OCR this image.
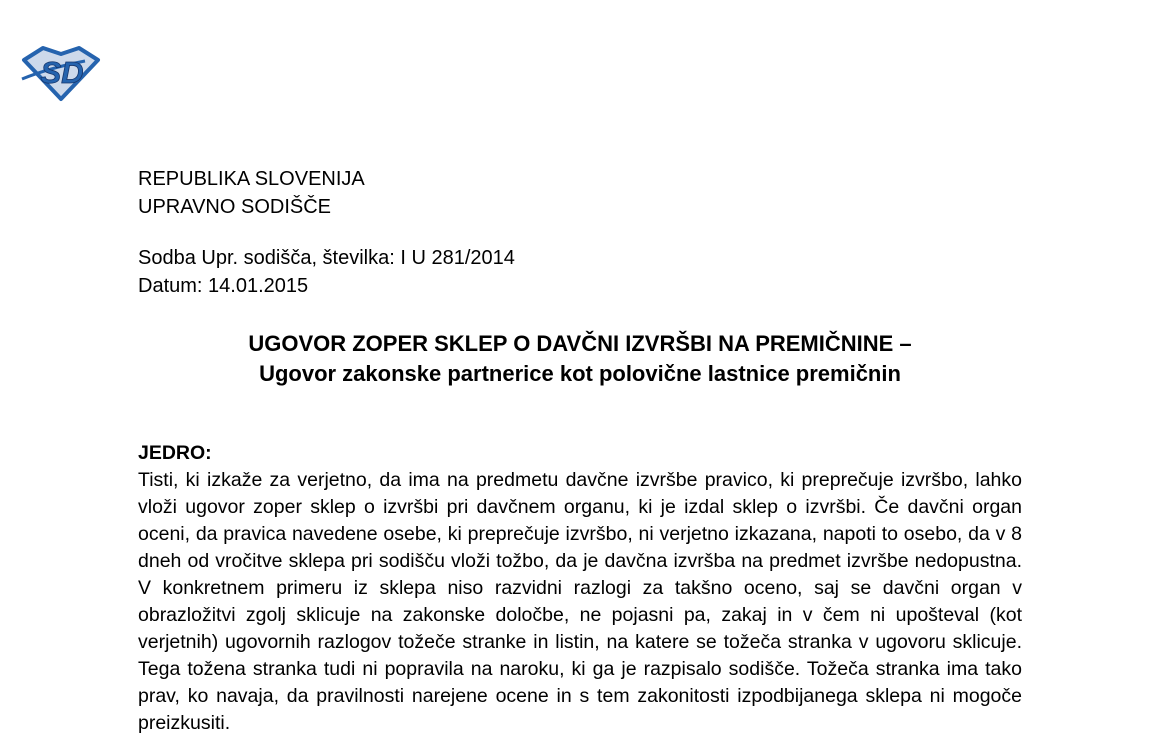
SD
REPUBLIKA SLOVENIJA
UPRAVNO SODIŠČE
Sodba Upr. sodišča, številka: I U 281/2014
Datum: 14.01.2015
UGOVOR ZOPER SKLEP O DAVČNI IZVRŠBI NA PREMIČNINE –
Ugovor zakonske partnerice kot polovične lastnice premičnin
JEDRO:

Tisti, ki izkaže za verjetno, da ima na predmetu davčne izvršbe pravico, ki preprečuje izvršbo, lahko vloži ugovor zoper sklep o izvršbi pri davčnem organu, ki je izdal sklep o izvršbi. Če davčni organ oceni, da pravica navedene osebe, ki preprečuje izvršbo, ni verjetno izkazana, napoti to osebo, da v 8 dneh od vročitve sklepa pri sodišču vloži tožbo, da je davčna izvršba na predmet izvršbe nedopustna. V konkretnem primeru iz sklepa niso razvidni razlogi za takšno oceno, saj se davčni organ v obrazložitvi zgolj sklicuje na zakonske določbe, ne pojasni pa, zakaj in v čem ni upošteval (kot verjetnih) ugovornih razlogov tožeče stranke in listin, na katere se tožeča stranka v ugovoru sklicuje. Tega tožena stranka tudi ni popravila na naroku, ki ga je razpisalo sodišče. Tožeča stranka ima tako prav, ko navaja, da pravilnosti narejene ocene in s tem zakonitosti izpodbijanega sklepa ni mogoče preizkusiti.
